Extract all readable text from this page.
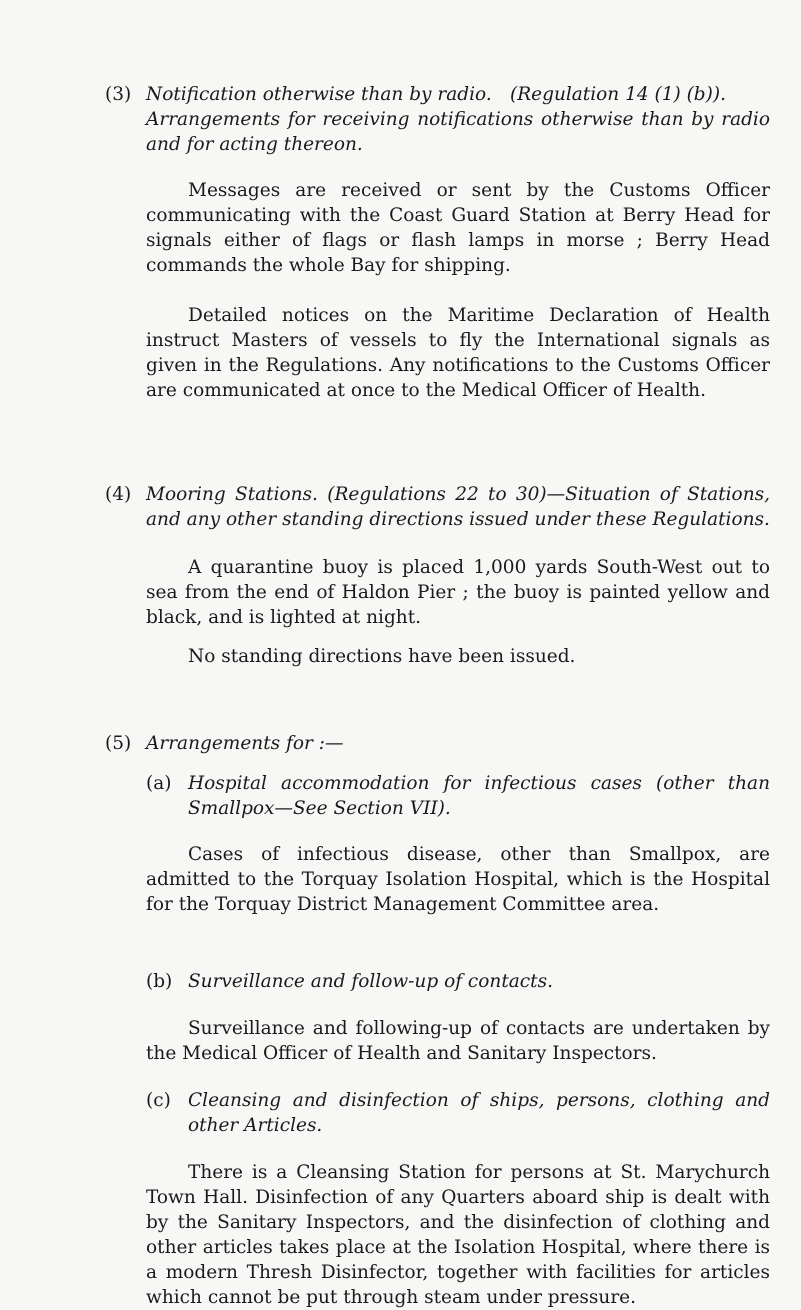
(3) Notification otherwise than by radio. (Regulation 14 (1) (b)).

Arrangements for receiving notifications otherwise than by radio and for acting thereon.

Messages are received or sent by the Customs Officer communicating with the Coast Guard Station at Berry Head for signals either of flags or flash lamps in morse ; Berry Head commands the whole Bay for shipping.

Detailed notices on the Maritime Declaration of Health instruct Masters of vessels to fly the International signals as given in the Regulations. Any notifications to the Customs Officer are communicated at once to the Medical Officer of Health.

(4) Mooring Stations. (Regulations 22 to 30)—Situation of Stations, and any other standing directions issued under these Regulations.

A quarantine buoy is placed 1,000 yards South-West out to sea from the end of Haldon Pier ; the buoy is painted yellow and black, and is lighted at night.

No standing directions have been issued.

(5) Arrangements for :—

(a) Hospital accommodation for infectious cases (other than Smallpox—See Section VII).

Cases of infectious disease, other than Smallpox, are admitted to the Torquay Isolation Hospital, which is the Hospital for the Torquay District Management Committee area.

(b) Surveillance and follow-up of contacts.

Surveillance and following-up of contacts are undertaken by the Medical Officer of Health and Sanitary Inspectors.

(c) Cleansing and disinfection of ships, persons, clothing and other Articles.

There is a Cleansing Station for persons at St. Marychurch Town Hall. Disinfection of any Quarters aboard ship is dealt with by the Sanitary Inspectors, and the disinfection of clothing and other articles takes place at the Isolation Hospital, where there is a modern Thresh Disinfector, together with facilities for articles which cannot be put through steam under pressure.
